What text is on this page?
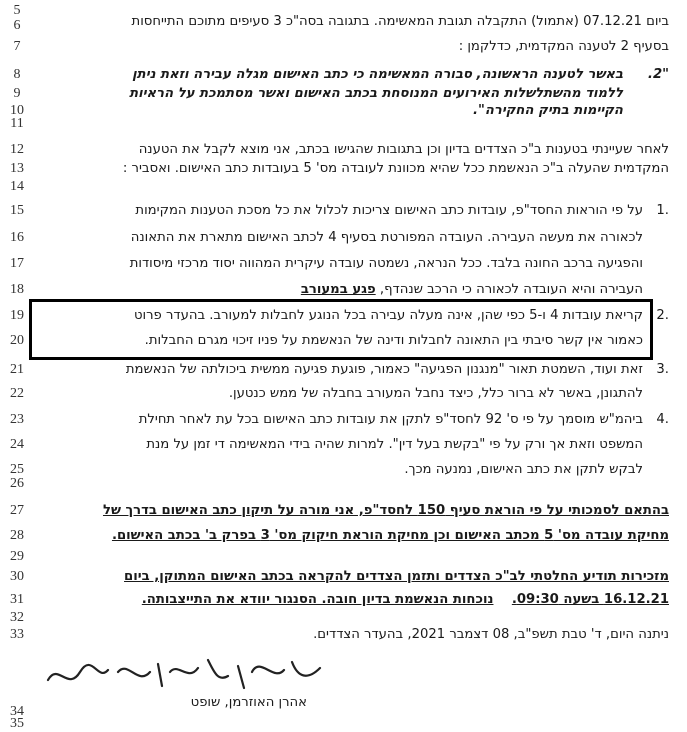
5
6
7
8
9
10
11
12
13
14
15
16
17
18
19
20
21
22
23
24
25
26
27
28
29
30
31
32
33
34
35
ביום 07.12.21 (אתמול) התקבלה תגובת המאשימה. בתגובה בסה"כ 3 סעיפים מתוכם התייחסות
בסעיף 2 לטענה המקדמית, כדלקמן :
"2.
באשר לטענה הראשונה, סבורה המאשימה כי כתב האישום מגלה עבירה וזאת ניתן
ללמוד מהשתלשלות האירועים המנוסחת בכתב האישום ואשר מסתמכת על הראיות
הקיימות בתיק החקירה".
לאחר שעיינתי בטענות ב"כ הצדדים בדיון וכן בתגובות שהגישו בכתב, אני מוצא לקבל את הטענה
המקדמית שהעלה ב"כ הנאשמת ככל שהיא מכוונת לעובדה מס' 5 בעובדות כתב האישום. ואסביר :
.1
על פי הוראות החסד"פ, עובדות כתב האישום צריכות לכלול את כל מסכת הטענות המקימות
לכאורה את מעשה העבירה. העובדה המפורטת בסעיף 4 לכתב האישום מתארת את התאונה
והפגיעה ברכב החונה בלבד. ככל הנראה, נשמטה עובדה עיקרית המהווה יסוד מרכזי מיסודות
העבירה והיא העובדה לכאורה כי הרכב שנהדף, פגע במעורב
.2
קריאת עובדות 4 ו-5 כפי שהן, אינה מעלה עבירה בכל הנוגע לחבלות למעורב. בהעדר פרוט
כאמור אין קשר סיבתי בין התאונה לחבלות ודינה של הנאשמת על פניו זיכוי מגרם החבלות.
.3
זאת ועוד, השמטת תאור "מנגנון הפגיעה" כאמור, פוגעת פגיעה ממשית ביכולתה של הנאשמת
להתגונן, באשר לא ברור כלל, כיצד נחבל המעורב בחבלה של ממש כנטען.
.4
ביהמ"ש מוסמך על פי ס' 92 לחסד"פ לתקן את עובדות כתב האישום בכל עת לאחר תחילת
המשפט וזאת אך ורק על פי "בקשת בעל דין". למרות שהיה בידי המאשימה די זמן על מנת
לבקש לתקן את כתב האישום, נמנעה מכך.
בהתאם לסמכותי על פי הוראת סעיף 150 לחסד"פ, אני מורה על תיקון כתב האישום בדרך של
מחיקת עובדה מס' 5 מכתב האישום וכן מחיקת הוראת חיקוק מס' 3 בפרק ב' בכתב האישום.
מזכירות תודיע החלטתי לב"כ הצדדים ותזמן הצדדים להקראה בכתב האישום המתוקן, ביום
16.12.21 בשעה 09:30.    נוכחות הנאשמת בדיון חובה. הסנגור יוודא את התייצבותה.
ניתנה היום, ד' טבת תשפ"ב, 08 דצמבר 2021, בהעדר הצדדים.
אהרן האוזרמן, שופט
